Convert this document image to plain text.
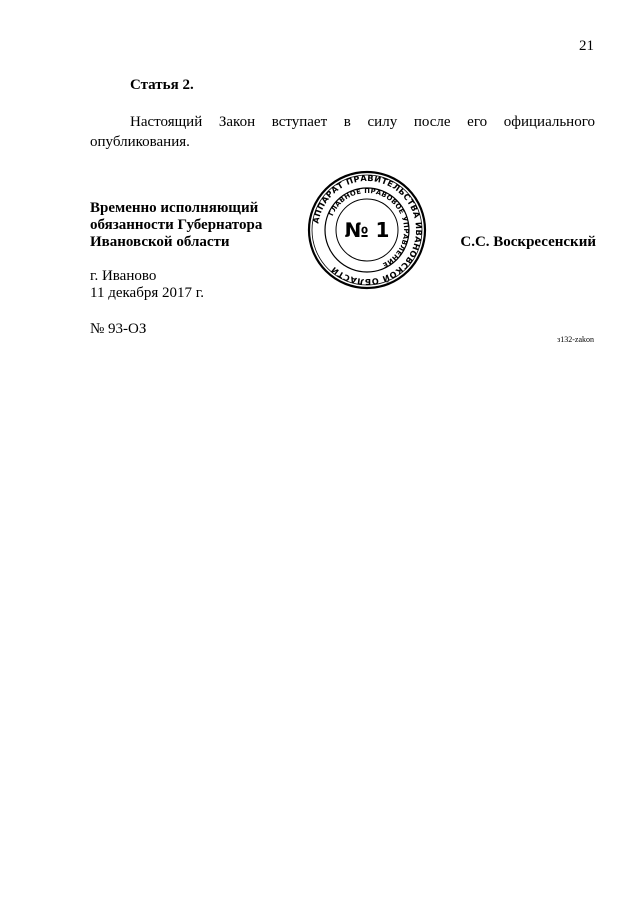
21
Статья 2.
Настоящий Закон вступает в силу после его официального
опубликования.
Временно исполняющий
обязанности Губернатора
Ивановской области
АППАРАТ ПРАВИТЕЛЬСТВА ИВАНОВСКОЙ ОБЛАСТИ
ГЛАВНОЕ ПРАВОВОЕ УПРАВЛЕНИЕ
№ 1	С.С. Воскресенский
г. Иваново
11 декабря 2017 г.
№ 93-ОЗ
з132-zakon
